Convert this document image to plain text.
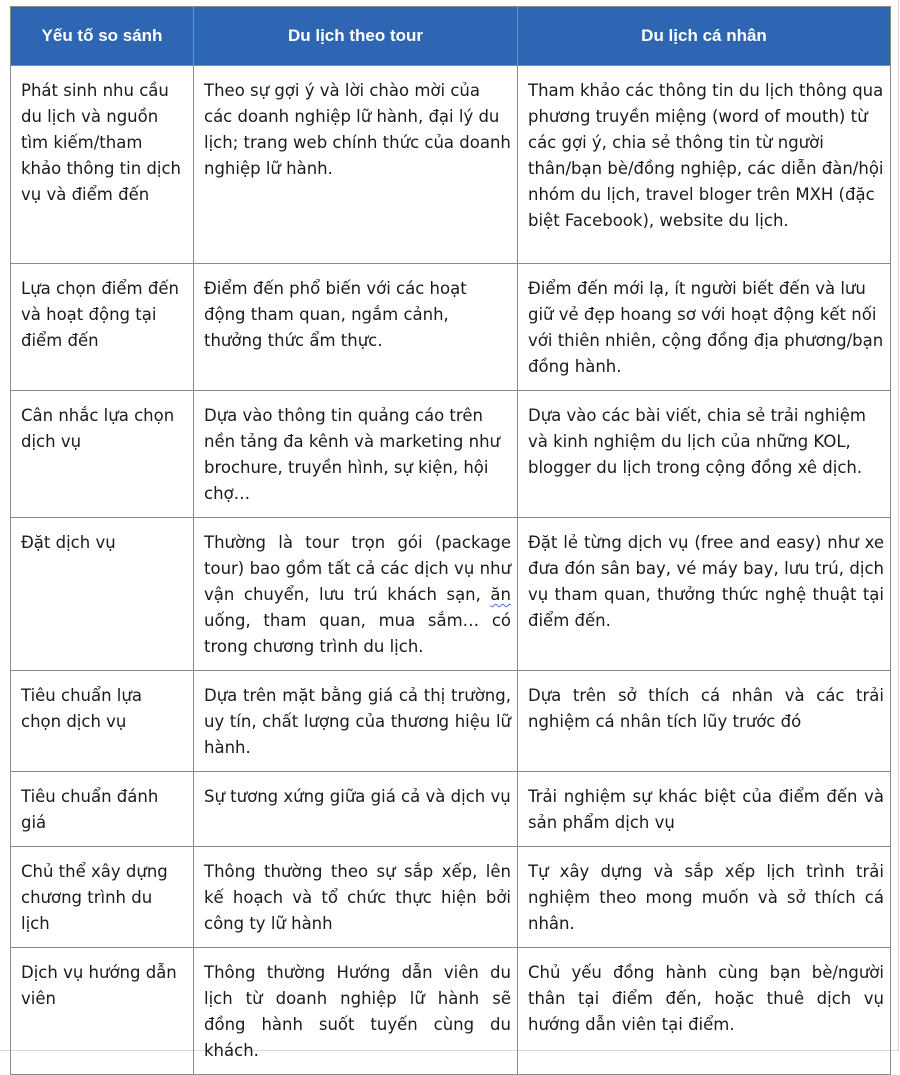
Yếu tố so sánh	Du lịch theo tour	Du lịch cá nhân
Phát sinh nhu cầu du lịch và nguồn tìm kiếm/tham khảo thông tin dịch vụ và điểm đến	Theo sự gợi ý và lời chào mời của các doanh nghiệp lữ hành, đại lý du lịch; trang web chính thức của doanh nghiệp lữ hành.	Tham khảo các thông tin du lịch thông qua phương truyền miệng (word of mouth) từ các gợi ý, chia sẻ thông tin từ người thân/bạn bè/đồng nghiệp, các diễn đàn/hội nhóm du lịch, travel bloger trên MXH (đặc biệt Facebook), website du lịch.
Lựa chọn điểm đến và hoạt động tại điểm đến	Điểm đến phổ biến với các hoạt động tham quan, ngắm cảnh, thưởng thức ẩm thực.	Điểm đến mới lạ, ít người biết đến và lưu giữ vẻ đẹp hoang sơ với hoạt động kết nối với thiên nhiên, cộng đồng địa phương/bạn đồng hành.
Cân nhắc lựa chọn dịch vụ	Dựa vào thông tin quảng cáo trên nền tảng đa kênh và marketing như brochure, truyền hình, sự kiện, hội chợ…	Dựa vào các bài viết, chia sẻ trải nghiệm và kinh nghiệm du lịch của những KOL, blogger du lịch trong cộng đồng xê dịch.
Đặt dịch vụ	Thường là tour trọn gói (package tour) bao gồm tất cả các dịch vụ như vận chuyển, lưu trú khách sạn, ăn uống, tham quan, mua sắm… có trong chương trình du lịch.	Đặt lẻ từng dịch vụ (free and easy) như xe đưa đón sân bay, vé máy bay, lưu trú, dịch vụ tham quan, thưởng thức nghệ thuật tại điểm đến.
Tiêu chuẩn lựa chọn dịch vụ	Dựa trên mặt bằng giá cả thị trường, uy tín, chất lượng của thương hiệu lữ hành.	Dựa trên sở thích cá nhân và các trải nghiệm cá nhân tích lũy trước đó
Tiêu chuẩn đánh giá	Sự tương xứng giữa giá cả và dịch vụ	Trải nghiệm sự khác biệt của điểm đến và sản phẩm dịch vụ
Chủ thể xây dựng chương trình du lịch	Thông thường theo sự sắp xếp, lên kế hoạch và tổ chức thực hiện bởi công ty lữ hành	Tự xây dựng và sắp xếp lịch trình trải nghiệm theo mong muốn và sở thích cá nhân.
Dịch vụ hướng dẫn viên	Thông thường Hướng dẫn viên du lịch từ doanh nghiệp lữ hành sẽ đồng hành suốt tuyến cùng du khách.	Chủ yếu đồng hành cùng bạn bè/người thân tại điểm đến, hoặc thuê dịch vụ hướng dẫn viên tại điểm.
